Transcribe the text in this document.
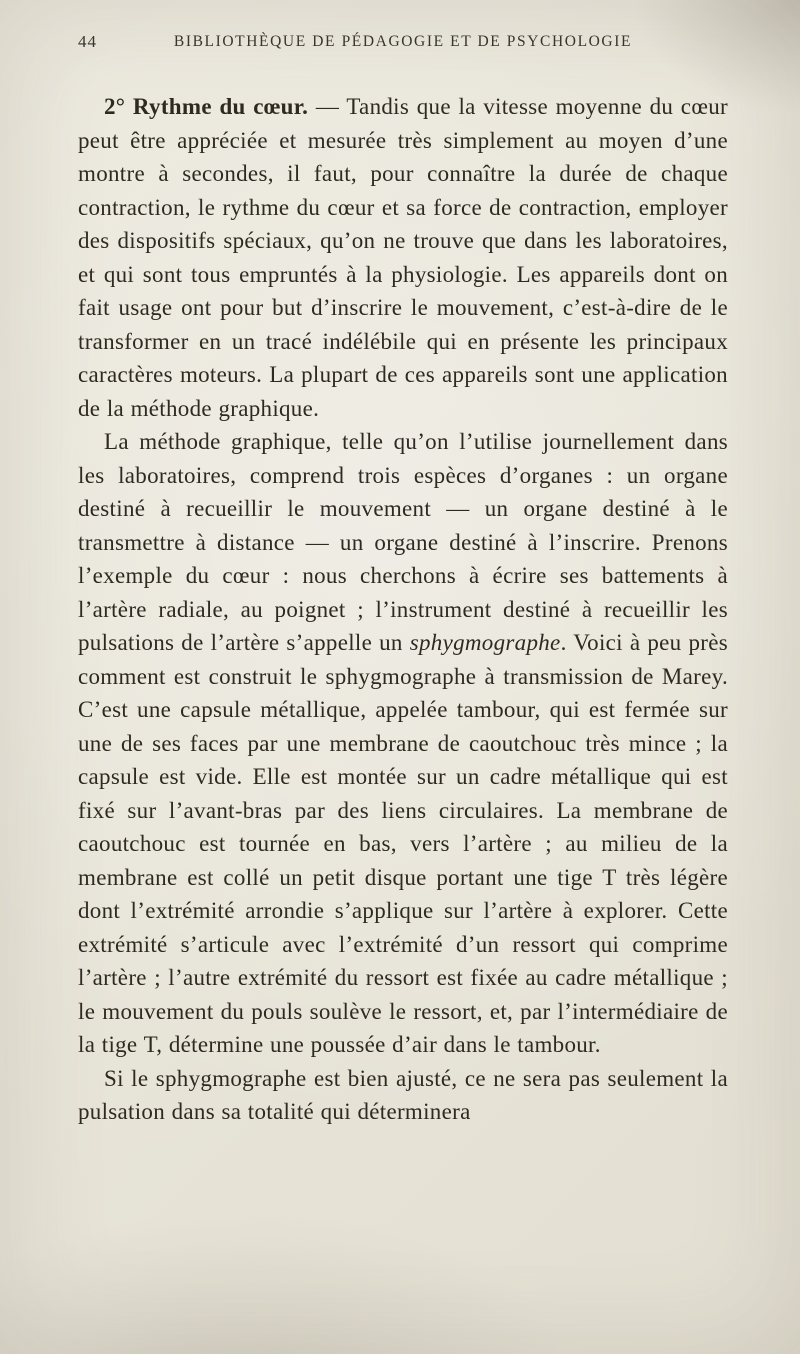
44	BIBLIOTHÈQUE DE PÉDAGOGIE ET DE PSYCHOLOGIE

2° Rythme du cœur. — Tandis que la vitesse moyenne du cœur peut être appréciée et mesurée très simplement au moyen d’une montre à secondes, il faut, pour connaître la durée de chaque contraction, le rythme du cœur et sa force de contraction, employer des dispositifs spéciaux, qu’on ne trouve que dans les laboratoires, et qui sont tous empruntés à la physiologie. Les appareils dont on fait usage ont pour but d’inscrire le mouvement, c’est-à-dire de le transformer en un tracé indélébile qui en présente les principaux caractères moteurs. La plupart de ces appareils sont une application de la méthode graphique.

La méthode graphique, telle qu’on l’utilise journellement dans les laboratoires, comprend trois espèces d’organes : un organe destiné à recueillir le mouvement — un organe destiné à le transmettre à distance — un organe destiné à l’inscrire. Prenons l’exemple du cœur : nous cherchons à écrire ses battements à l’artère radiale, au poignet ; l’instrument destiné à recueillir les pulsations de l’artère s’appelle un sphygmographe. Voici à peu près comment est construit le sphygmographe à transmission de Marey. C’est une capsule métallique, appelée tambour, qui est fermée sur une de ses faces par une membrane de caoutchouc très mince ; la capsule est vide. Elle est montée sur un cadre métallique qui est fixé sur l’avant-bras par des liens circulaires. La membrane de caoutchouc est tournée en bas, vers l’artère ; au milieu de la membrane est collé un petit disque portant une tige T très légère dont l’extrémité arrondie s’applique sur l’artère à explorer. Cette extrémité s’articule avec l’extrémité d’un ressort qui comprime l’artère ; l’autre extrémité du ressort est fixée au cadre métallique ; le mouvement du pouls soulève le ressort, et, par l’intermédiaire de la tige T, détermine une poussée d’air dans le tambour.

Si le sphygmographe est bien ajusté, ce ne sera pas seulement la pulsation dans sa totalité qui déterminera
